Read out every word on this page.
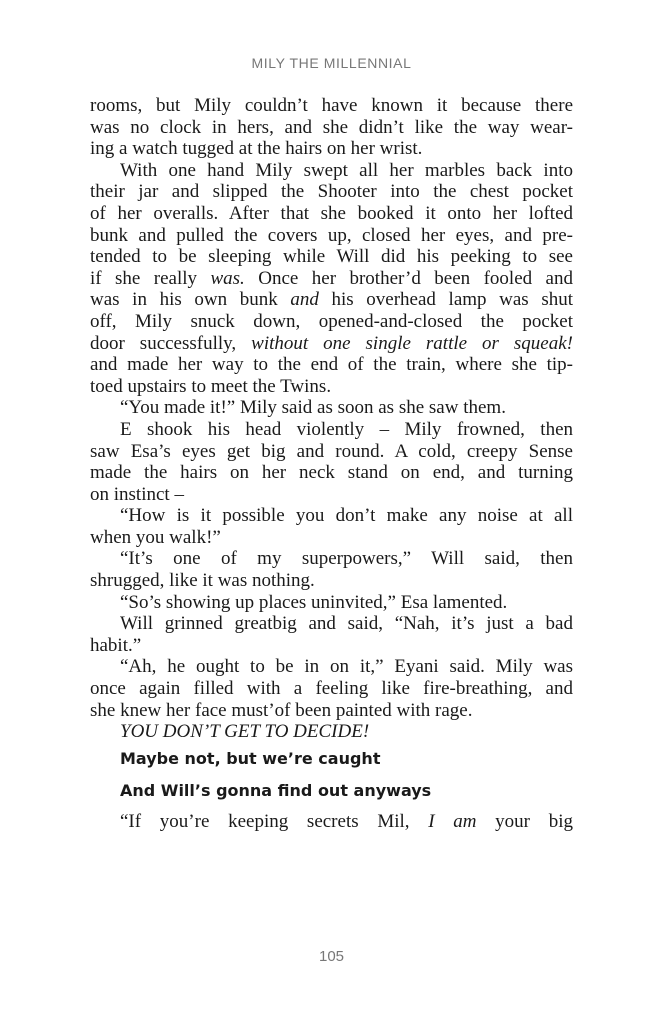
MILY THE MILLENNIAL
rooms, but Mily couldn’t have known it because there
was no clock in hers, and she didn’t like the way wear-
ing a watch tugged at the hairs on her wrist.
With one hand Mily swept all her marbles back into
their jar and slipped the Shooter into the chest pocket
of her overalls. After that she booked it onto her lofted
bunk and pulled the covers up, closed her eyes, and pre-
tended to be sleeping while Will did his peeking to see
if she really was. Once her brother’d been fooled and
was in his own bunk and his overhead lamp was shut
off, Mily snuck down, opened-and-closed the pocket
door successfully, without one single rattle or squeak!
and made her way to the end of the train, where she tip-
toed upstairs to meet the Twins.
“You made it!” Mily said as soon as she saw them.
E shook his head violently – Mily frowned, then
saw Esa’s eyes get big and round. A cold, creepy Sense
made the hairs on her neck stand on end, and turning
on instinct –
“How is it possible you don’t make any noise at all
when you walk!”
“It’s one of my superpowers,” Will said, then
shrugged, like it was nothing.
“So’s showing up places uninvited,” Esa lamented.
Will grinned greatbig and said, “Nah, it’s just a bad
habit.”
“Ah, he ought to be in on it,” Eyani said. Mily was
once again filled with a feeling like fire-breathing, and
she knew her face must’of been painted with rage.
YOU DON’T GET TO DECIDE!
Maybe not, but we’re caught
And Will’s gonna find out anyways
“If you’re keeping secrets Mil, I am your big
105
